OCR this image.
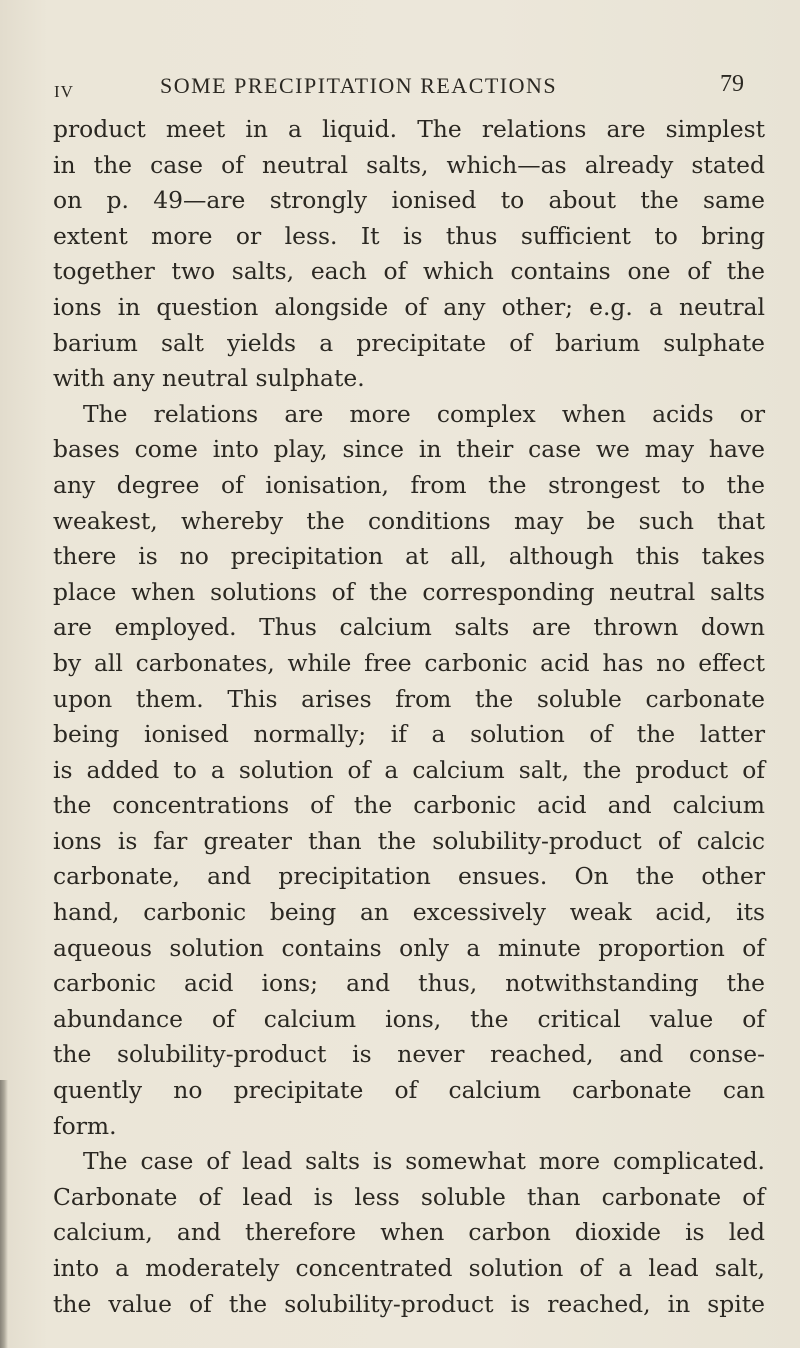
IV	SOME PRECIPITATION REACTIONS	79
product meet in a liquid. The relations are simplest
in the case of neutral salts, which—as already stated
on p. 49—are strongly ionised to about the same
extent more or less. It is thus sufficient to bring
together two salts, each of which contains one of the
ions in question alongside of any other; e.g. a neutral
barium salt yields a precipitate of barium sulphate
with any neutral sulphate.
The relations are more complex when acids or
bases come into play, since in their case we may have
any degree of ionisation, from the strongest to the
weakest, whereby the conditions may be such that
there is no precipitation at all, although this takes
place when solutions of the corresponding neutral salts
are employed. Thus calcium salts are thrown down
by all carbonates, while free carbonic acid has no effect
upon them. This arises from the soluble carbonate
being ionised normally; if a solution of the latter
is added to a solution of a calcium salt, the product of
the concentrations of the carbonic acid and calcium
ions is far greater than the solubility-product of calcic
carbonate, and precipitation ensues. On the other
hand, carbonic being an excessively weak acid, its
aqueous solution contains only a minute proportion of
carbonic acid ions; and thus, notwithstanding the
abundance of calcium ions, the critical value of
the solubility-product is never reached, and conse-
quently no precipitate of calcium carbonate can
form.
The case of lead salts is somewhat more complicated.
Carbonate of lead is less soluble than carbonate of
calcium, and therefore when carbon dioxide is led
into a moderately concentrated solution of a lead salt,
the value of the solubility-product is reached, in spite
